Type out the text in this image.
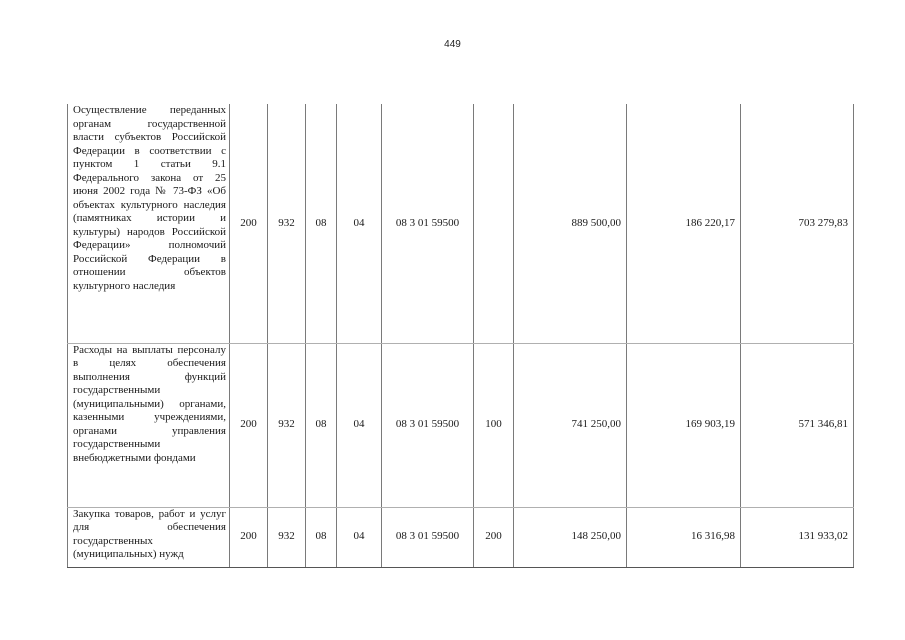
449
Осуществление переданных органам государственной власти субъектов Российской Федерации в соответствии с пунктом 1 статьи 9.1 Федерального закона от 25 июня 2002 года № 73-ФЗ «Об объектах культурного наследия (памятниках истории и культуры) народов Российской Федерации» полномочий Российской Федерации в отношении объектов культурного наследия	200	932	08	04	08 3 01 59500		889 500,00	186 220,17	703 279,83
Расходы на выплаты персоналу в целях обеспечения выполнения функций государственными (муниципальными) органами, казенными учреждениями, органами управления государственными внебюджетными фондами	200	932	08	04	08 3 01 59500	100	741 250,00	169 903,19	571 346,81
Закупка товаров, работ и услуг для обеспечения государственных (муниципальных) нужд	200	932	08	04	08 3 01 59500	200	148 250,00	16 316,98	131 933,02
